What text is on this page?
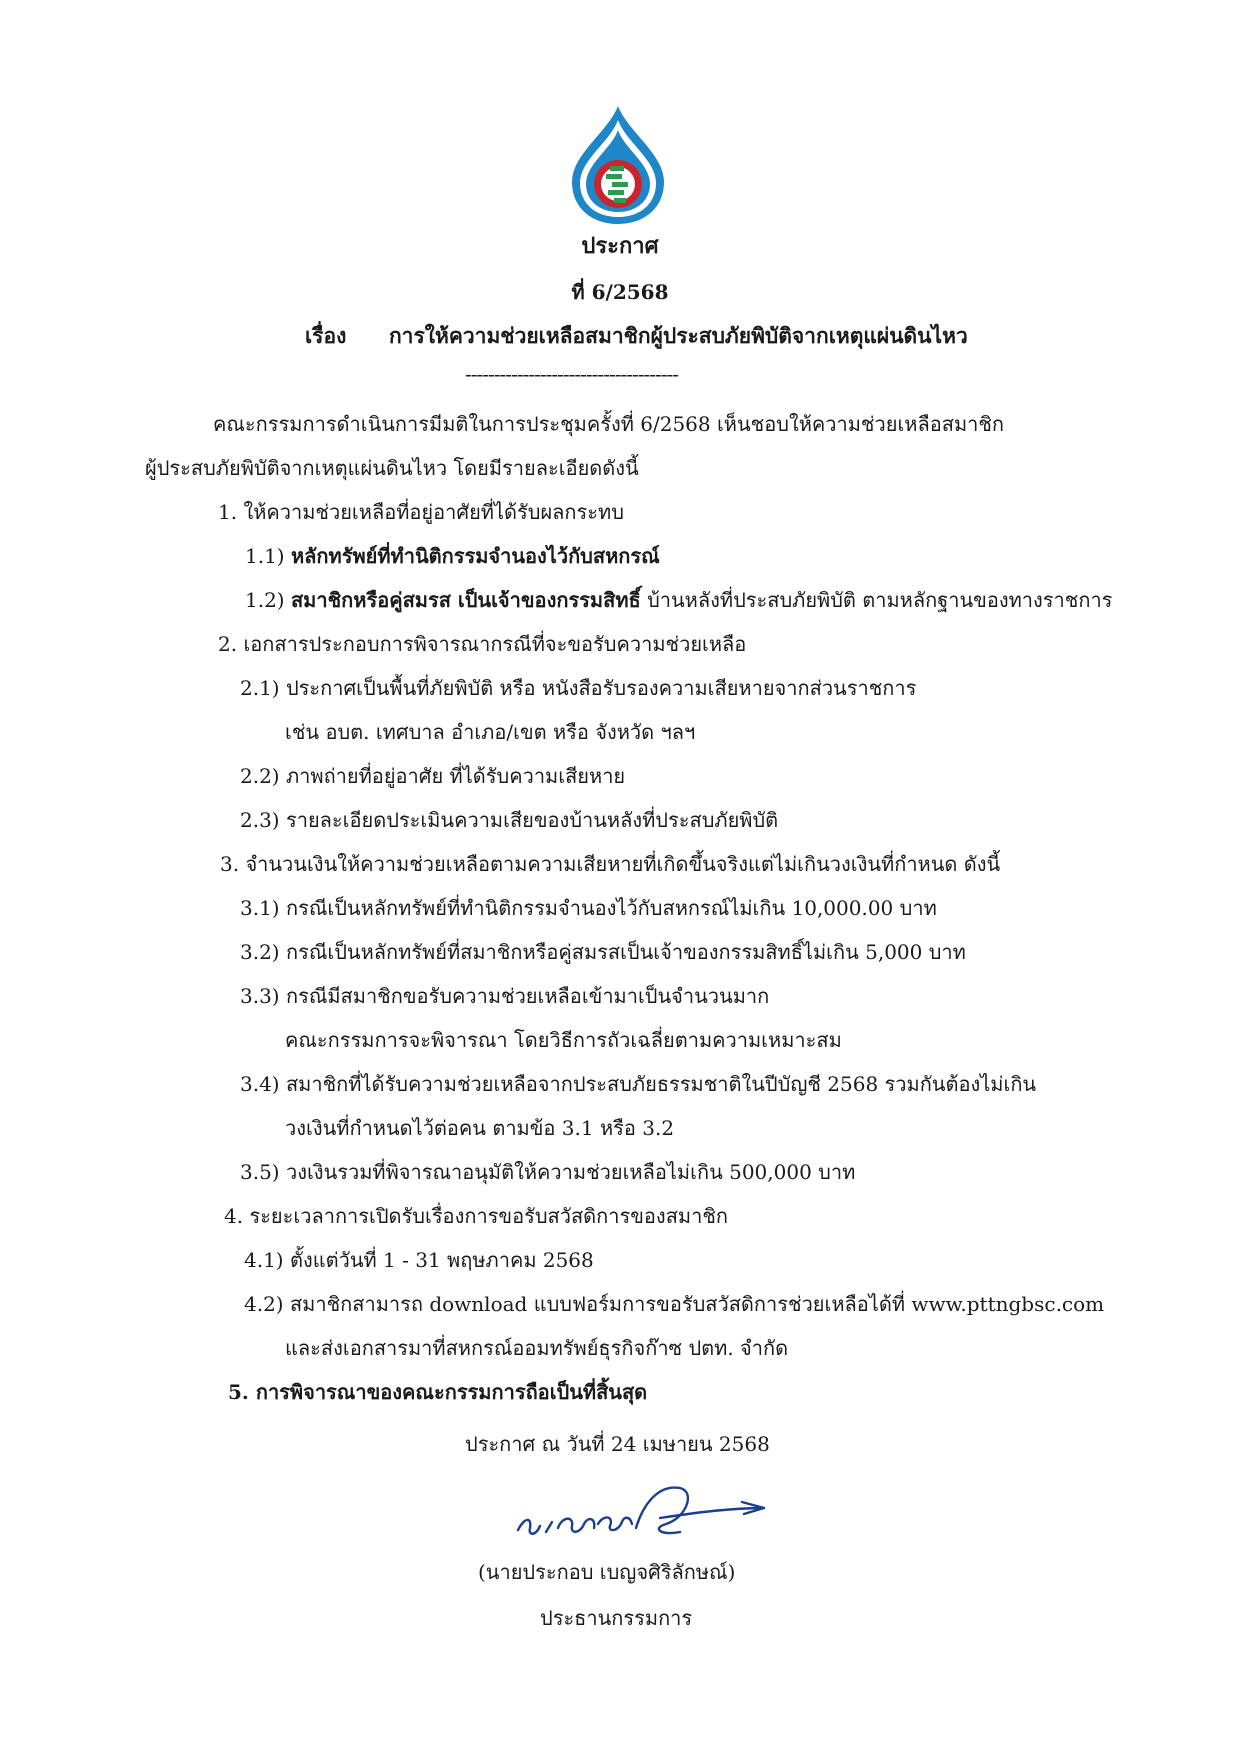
ประกาศ
ที่ 6/2568
เรื่อง การให้ความช่วยเหลือสมาชิกผู้ประสบภัยพิบัติจากเหตุแผ่นดินไหว
-------------------------------------
คณะกรรมการดำเนินการมีมติในการประชุมครั้งที่ 6/2568 เห็นชอบให้ความช่วยเหลือสมาชิก
ผู้ประสบภัยพิบัติจากเหตุแผ่นดินไหว โดยมีรายละเอียดดังนี้
1. ให้ความช่วยเหลือที่อยู่อาศัยที่ได้รับผลกระทบ
1.1) หลักทรัพย์ที่ทำนิติกรรมจำนองไว้กับสหกรณ์
1.2) สมาชิกหรือคู่สมรส เป็นเจ้าของกรรมสิทธิ์ บ้านหลังที่ประสบภัยพิบัติ ตามหลักฐานของทางราชการ
2. เอกสารประกอบการพิจารณากรณีที่จะขอรับความช่วยเหลือ
2.1) ประกาศเป็นพื้นที่ภัยพิบัติ หรือ หนังสือรับรองความเสียหายจากส่วนราชการ
เช่น อบต. เทศบาล อำเภอ/เขต หรือ จังหวัด ฯลฯ
2.2) ภาพถ่ายที่อยู่อาศัย ที่ได้รับความเสียหาย
2.3) รายละเอียดประเมินความเสียของบ้านหลังที่ประสบภัยพิบัติ
3. จำนวนเงินให้ความช่วยเหลือตามความเสียหายที่เกิดขึ้นจริงแต่ไม่เกินวงเงินที่กำหนด ดังนี้
3.1) กรณีเป็นหลักทรัพย์ที่ทำนิติกรรมจำนองไว้กับสหกรณ์ไม่เกิน 10,000.00 บาท
3.2) กรณีเป็นหลักทรัพย์ที่สมาชิกหรือคู่สมรสเป็นเจ้าของกรรมสิทธิ์ไม่เกิน 5,000 บาท
3.3) กรณีมีสมาชิกขอรับความช่วยเหลือเข้ามาเป็นจำนวนมาก
คณะกรรมการจะพิจารณา โดยวิธีการถัวเฉลี่ยตามความเหมาะสม
3.4) สมาชิกที่ได้รับความช่วยเหลือจากประสบภัยธรรมชาติในปีบัญชี 2568 รวมกันต้องไม่เกิน
วงเงินที่กำหนดไว้ต่อคน ตามข้อ 3.1 หรือ 3.2
3.5) วงเงินรวมที่พิจารณาอนุมัติให้ความช่วยเหลือไม่เกิน 500,000 บาท
4. ระยะเวลาการเปิดรับเรื่องการขอรับสวัสดิการของสมาชิก
4.1) ตั้งแต่วันที่ 1 - 31 พฤษภาคม 2568
4.2) สมาชิกสามารถ download แบบฟอร์มการขอรับสวัสดิการช่วยเหลือได้ที่ www.pttngbsc.com
และส่งเอกสารมาที่สหกรณ์ออมทรัพย์ธุรกิจก๊าซ ปตท. จำกัด
5. การพิจารณาของคณะกรรมการถือเป็นที่สิ้นสุด
ประกาศ ณ วันที่ 24 เมษายน 2568
(นายประกอบ เบญจศิริลักษณ์)
ประธานกรรมการ
